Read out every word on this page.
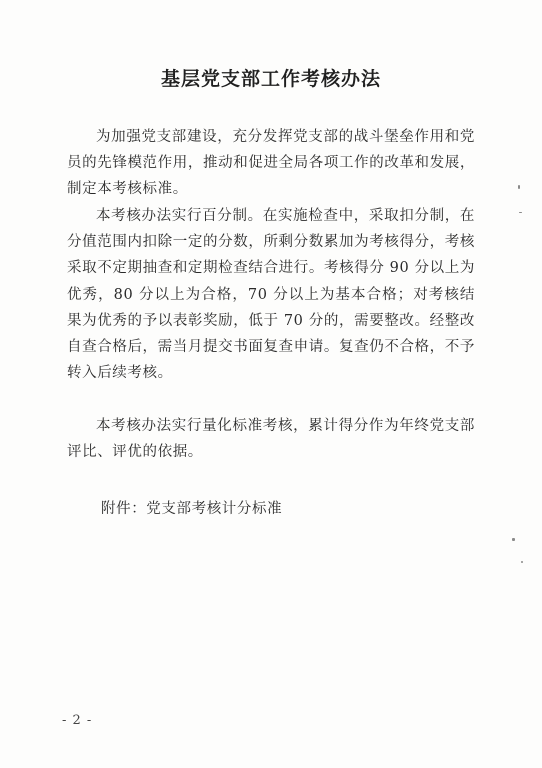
基层党支部工作考核办法

为加强党支部建设，充分发挥党支部的战斗堡垒作用和党员的先锋模范作用，推动和促进全局各项工作的改革和发展，制定本考核标准。

本考核办法实行百分制。在实施检查中，采取扣分制，在分值范围内扣除一定的分数，所剩分数累加为考核得分，考核采取不定期抽查和定期检查结合进行。考核得分 90 分以上为优秀，80 分以上为合格，70 分以上为基本合格；对考核结果为优秀的予以表彰奖励，低于 70 分的，需要整改。经整改自查合格后，需当月提交书面复查申请。复查仍不合格，不予转入后续考核。

本考核办法实行量化标准考核，累计得分作为年终党支部评比、评优的依据。

附件：党支部考核计分标准
- 2 -
